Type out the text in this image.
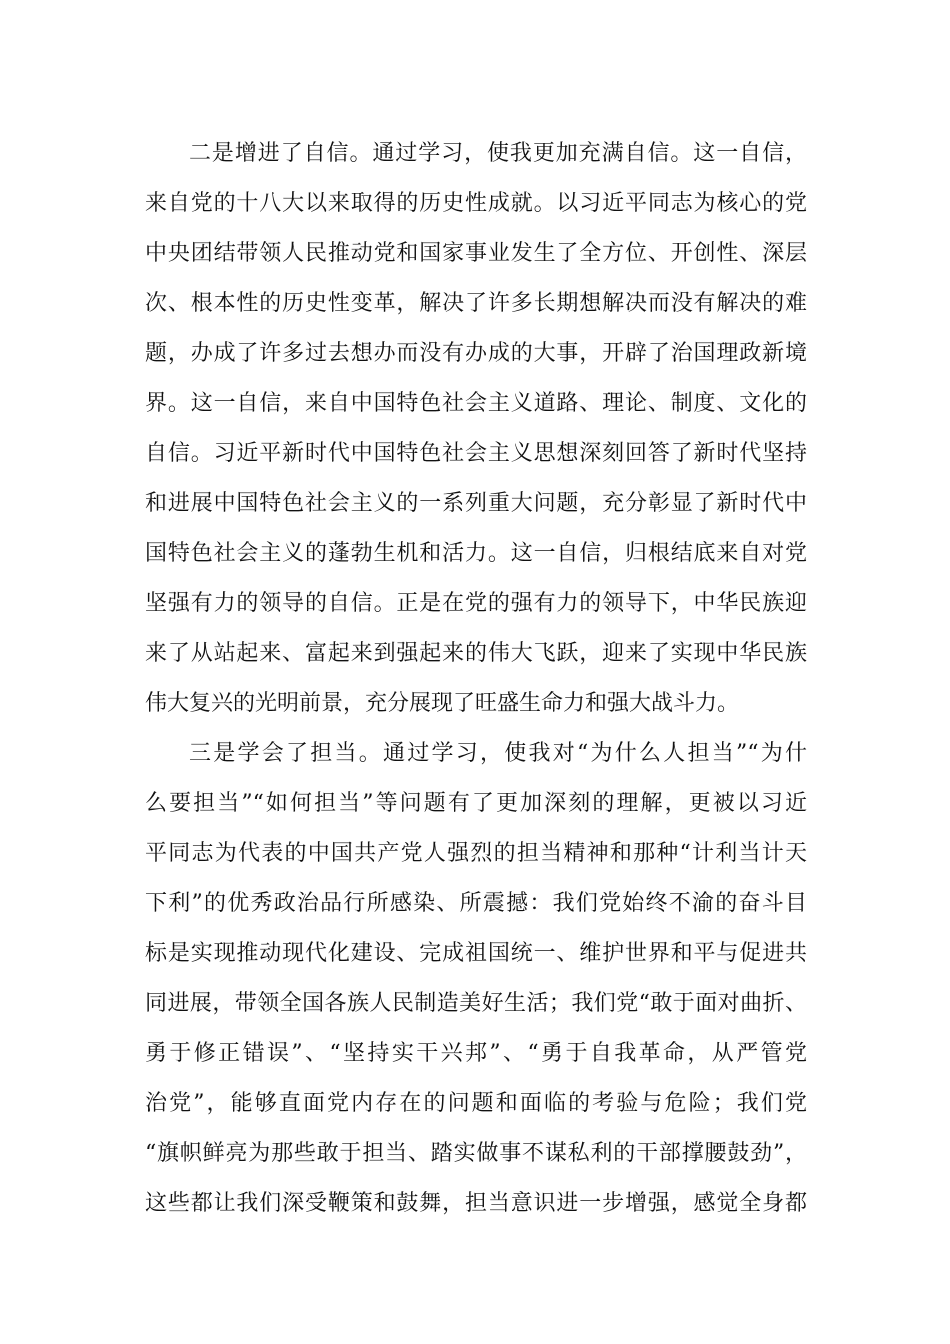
二是增进了自信。通过学习，使我更加充满自信。这一自信，
来自党的十八大以来取得的历史性成就。以习近平同志为核心的党
中央团结带领人民推动党和国家事业发生了全方位、开创性、深层
次、根本性的历史性变革，解决了许多长期想解决而没有解决的难
题，办成了许多过去想办而没有办成的大事，开辟了治国理政新境
界。这一自信，来自中国特色社会主义道路、理论、制度、文化的
自信。习近平新时代中国特色社会主义思想深刻回答了新时代坚持
和进展中国特色社会主义的一系列重大问题，充分彰显了新时代中
国特色社会主义的蓬勃生机和活力。这一自信，归根结底来自对党
坚强有力的领导的自信。正是在党的强有力的领导下，中华民族迎
来了从站起来、富起来到强起来的伟大飞跃，迎来了实现中华民族
伟大复兴的光明前景，充分展现了旺盛生命力和强大战斗力。
三是学会了担当。通过学习，使我对“为什么人担当”“为什
么要担当”“如何担当”等问题有了更加深刻的理解，更被以习近
平同志为代表的中国共产党人强烈的担当精神和那种“计利当计天
下利”的优秀政治品行所感染、所震撼：我们党始终不渝的奋斗目
标是实现推动现代化建设、完成祖国统一、维护世界和平与促进共
同进展，带领全国各族人民制造美好生活；我们党“敢于面对曲折、
勇于修正错误”、“坚持实干兴邦”、“勇于自我革命，从严管党
治党”，能够直面党内存在的问题和面临的考验与危险；我们党
“旗帜鲜亮为那些敢于担当、踏实做事不谋私利的干部撑腰鼓劲”，
这些都让我们深受鞭策和鼓舞，担当意识进一步增强，感觉全身都
